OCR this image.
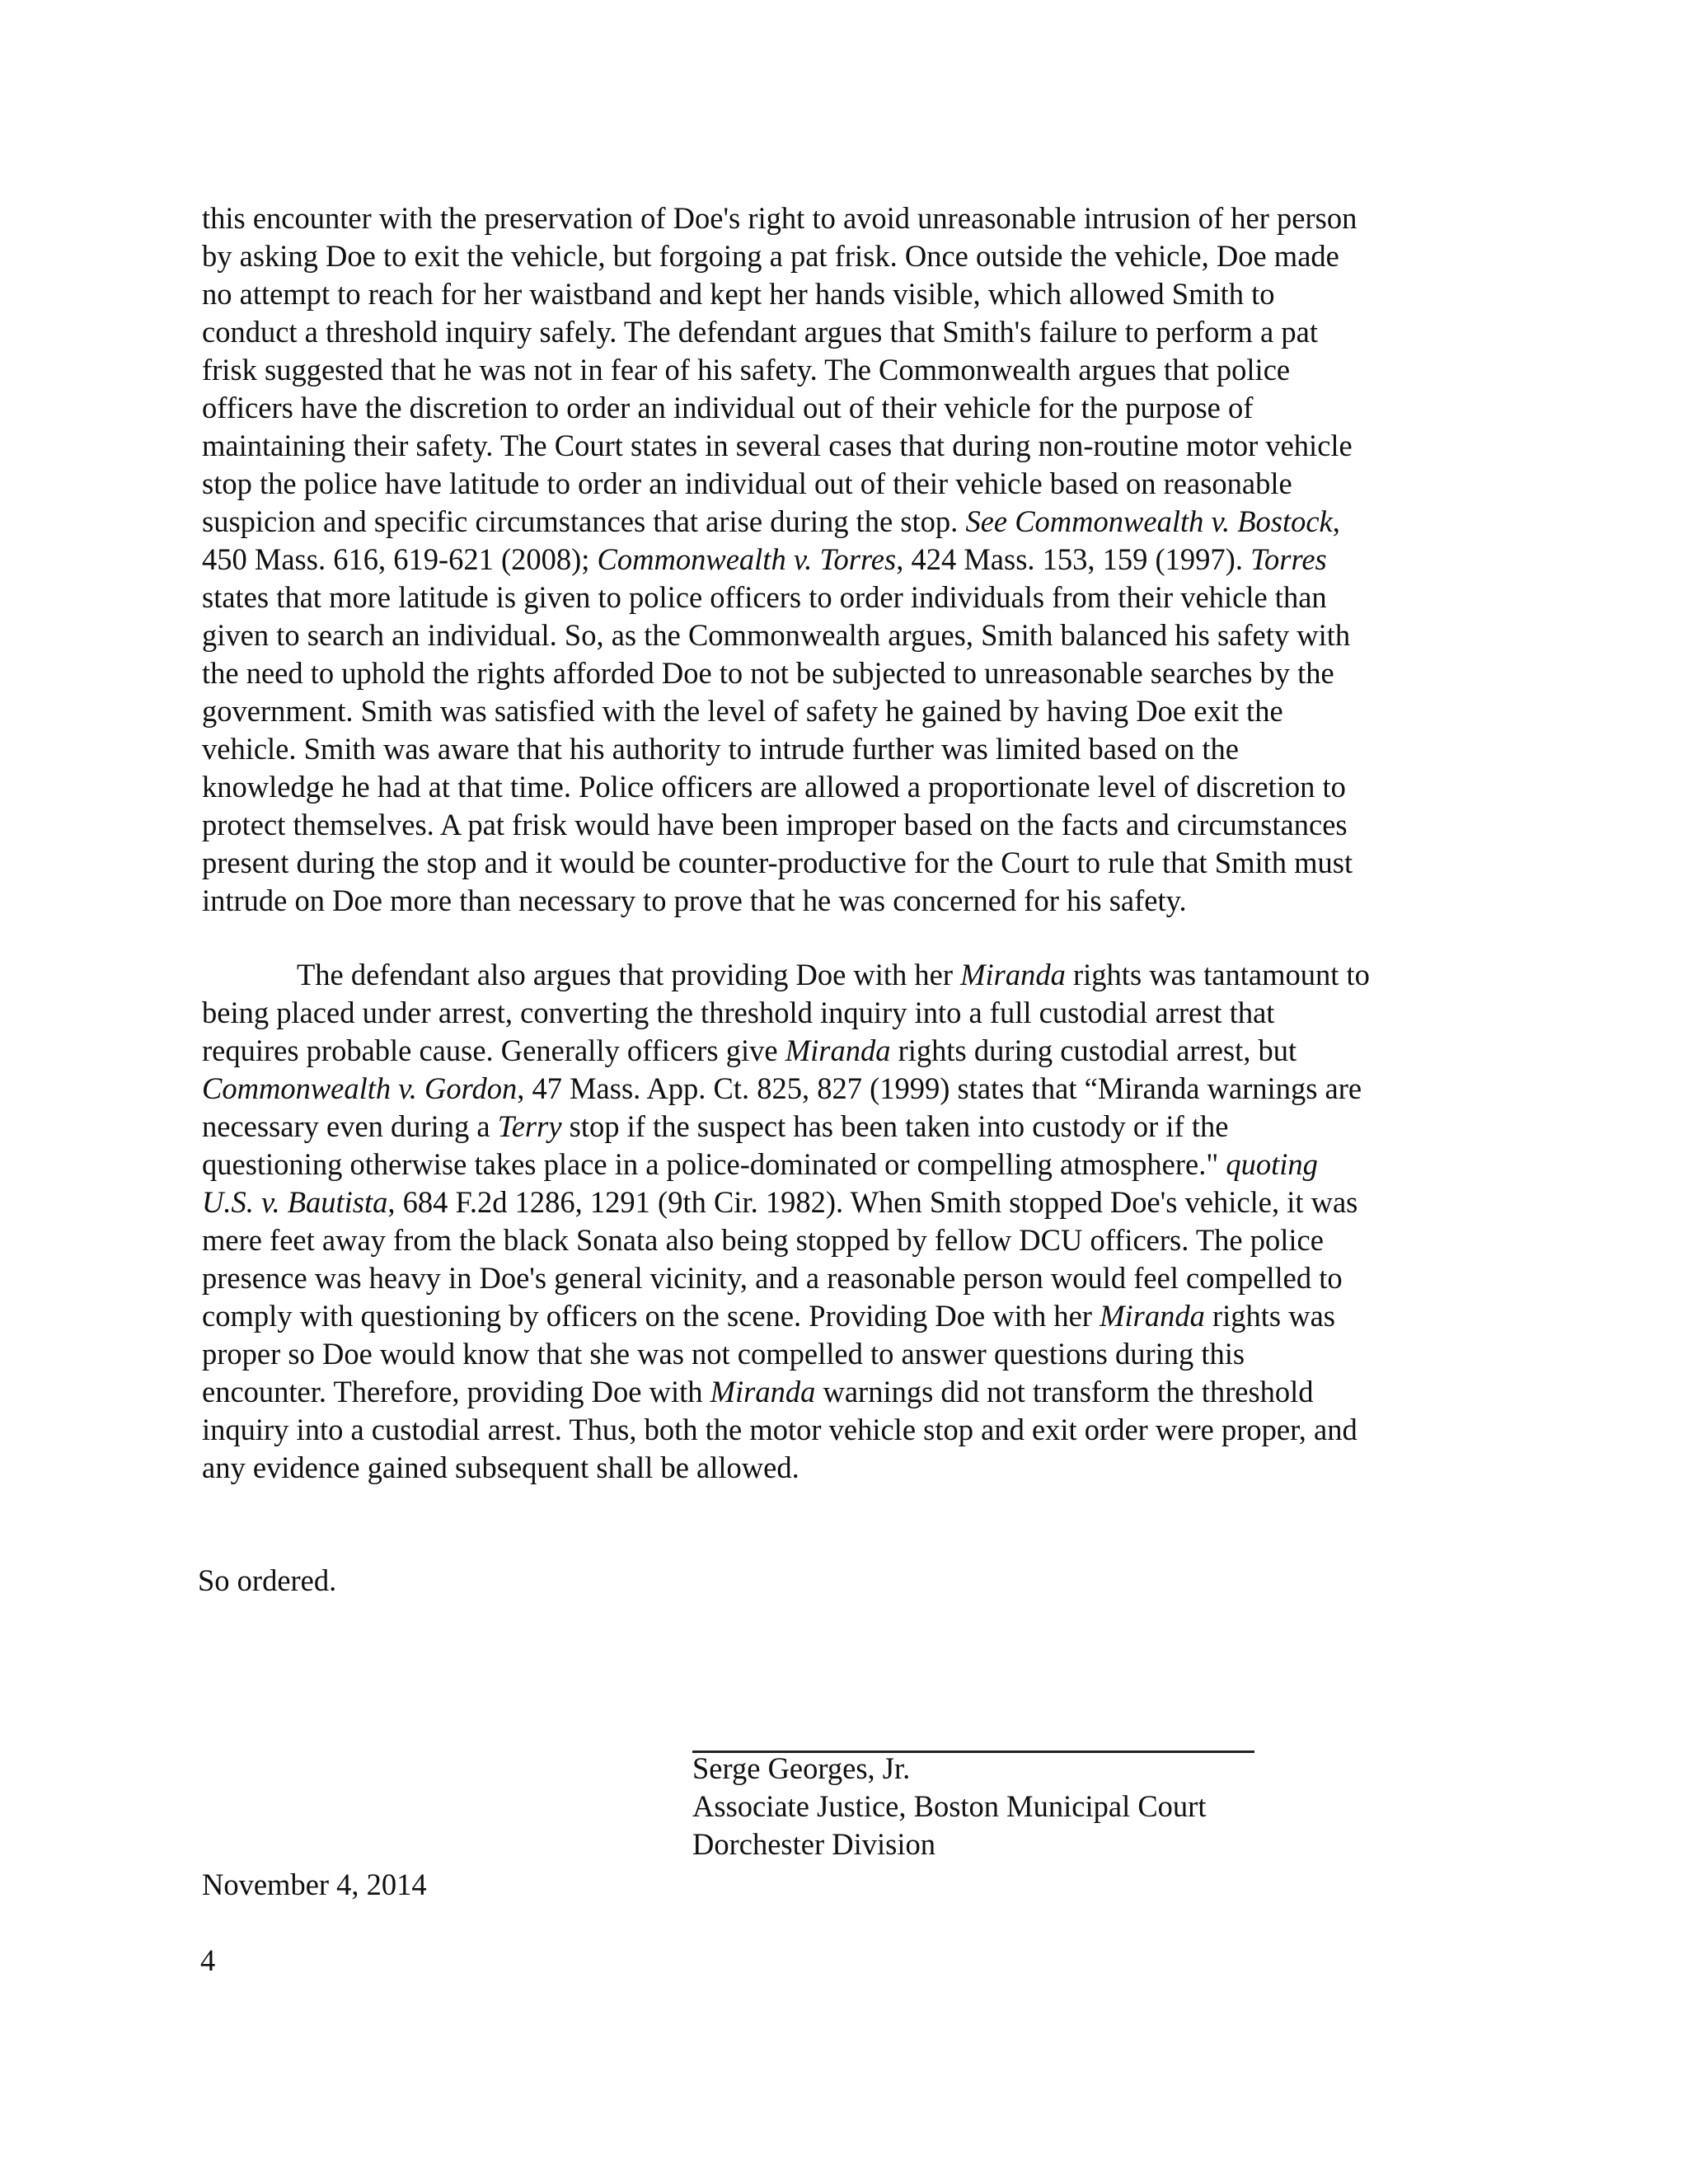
this encounter with the preservation of Doe's right to avoid unreasonable intrusion of her person
by asking Doe to exit the vehicle, but forgoing a pat frisk. Once outside the vehicle, Doe made
no attempt to reach for her waistband and kept her hands visible, which allowed Smith to
conduct a threshold inquiry safely. The defendant argues that Smith's failure to perform a pat
frisk suggested that he was not in fear of his safety. The Commonwealth argues that police
officers have the discretion to order an individual out of their vehicle for the purpose of
maintaining their safety. The Court states in several cases that during non-routine motor vehicle
stop the police have latitude to order an individual out of their vehicle based on reasonable
suspicion and specific circumstances that arise during the stop. See Commonwealth v. Bostock,
450 Mass. 616, 619-621 (2008); Commonwealth v. Torres, 424 Mass. 153, 159 (1997). Torres
states that more latitude is given to police officers to order individuals from their vehicle than
given to search an individual. So, as the Commonwealth argues, Smith balanced his safety with
the need to uphold the rights afforded Doe to not be subjected to unreasonable searches by the
government. Smith was satisfied with the level of safety he gained by having Doe exit the
vehicle. Smith was aware that his authority to intrude further was limited based on the
knowledge he had at that time. Police officers are allowed a proportionate level of discretion to
protect themselves. A pat frisk would have been improper based on the facts and circumstances
present during the stop and it would be counter-productive for the Court to rule that Smith must
intrude on Doe more than necessary to prove that he was concerned for his safety.

The defendant also argues that providing Doe with her Miranda rights was tantamount to
being placed under arrest, converting the threshold inquiry into a full custodial arrest that
requires probable cause. Generally officers give Miranda rights during custodial arrest, but
Commonwealth v. Gordon, 47 Mass. App. Ct. 825, 827 (1999) states that “Miranda warnings are
necessary even during a Terry stop if the suspect has been taken into custody or if the
questioning otherwise takes place in a police-dominated or compelling atmosphere." quoting
U.S. v. Bautista, 684 F.2d 1286, 1291 (9th Cir. 1982). When Smith stopped Doe's vehicle, it was
mere feet away from the black Sonata also being stopped by fellow DCU officers. The police
presence was heavy in Doe's general vicinity, and a reasonable person would feel compelled to
comply with questioning by officers on the scene. Providing Doe with her Miranda rights was
proper so Doe would know that she was not compelled to answer questions during this
encounter. Therefore, providing Doe with Miranda warnings did not transform the threshold
inquiry into a custodial arrest. Thus, both the motor vehicle stop and exit order were proper, and
any evidence gained subsequent shall be allowed.

So ordered.

Serge Georges, Jr.
Associate Justice, Boston Municipal Court
Dorchester Division
November 4, 2014
4
